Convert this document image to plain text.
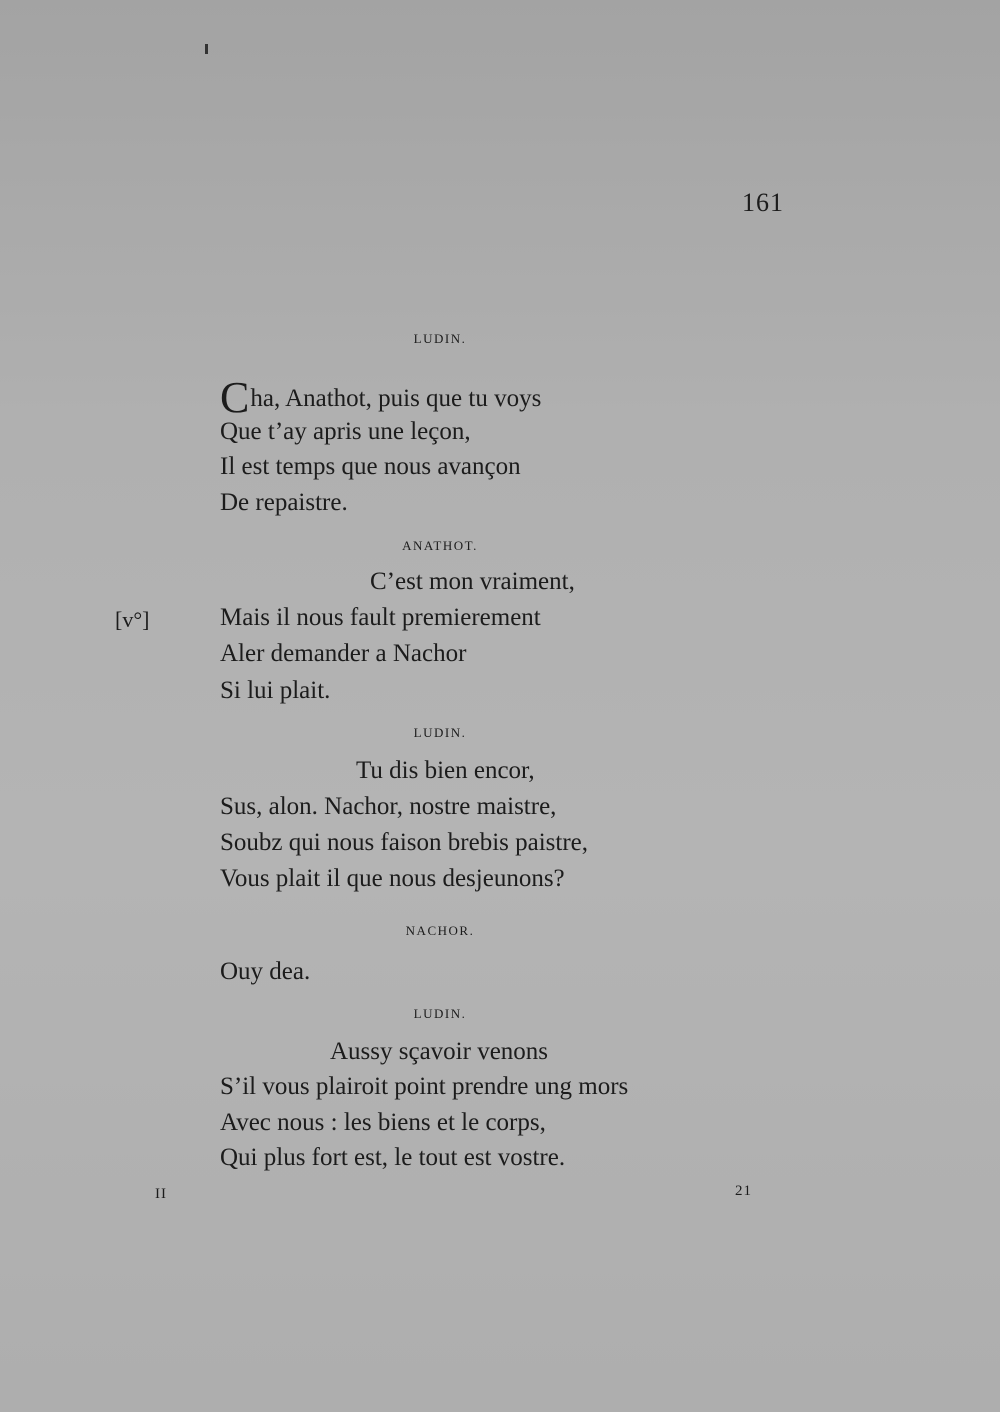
161
LUDIN.
Cha, Anathot, puis que tu voys
Que t’ay apris une leçon,
Il est temps que nous avançon
De repaistre.
ANATHOT.
C’est mon vraiment,
[v°]	Mais il nous fault premierement
Aler demander a Nachor
Si lui plait.
LUDIN.
Tu dis bien encor,
Sus, alon. Nachor, nostre maistre,
Soubz qui nous faison brebis paistre,
Vous plait il que nous desjeunons?
NACHOR.
Ouy dea.
LUDIN.
Aussy sçavoir venons
S’il vous plairoit point prendre ung mors
Avec nous : les biens et le corps,
Qui plus fort est, le tout est vostre.
II	21
